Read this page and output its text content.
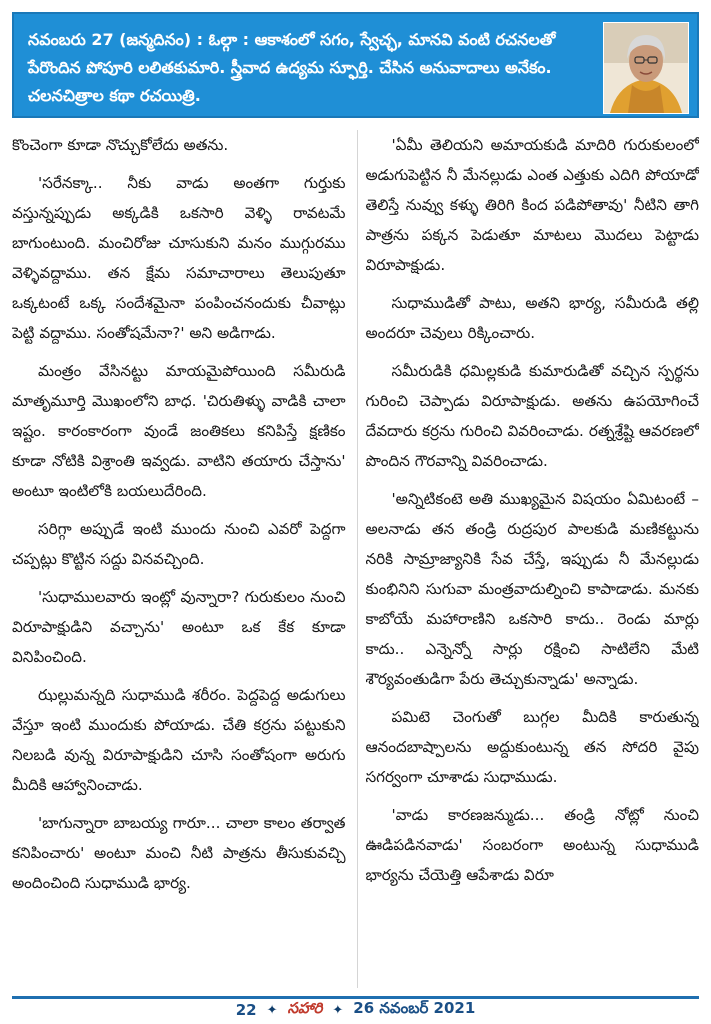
నవంబరు 27 (జన్మదినం) : ఓల్గా : ఆకాశంలో సగం, స్వేచ్ఛ, మానవి వంటి రచనలతో పేరొందిన పోపూరి లలితకుమారి. స్త్రీవాద ఉద్యమ స్ఫూర్తి. చేసిన అనువాదాలు అనేకం. చలనచిత్రాల కథా రచయిత్రి.

కొంచెంగా కూడా నొచ్చుకోలేదు అతను.

'సరేనక్కా.. నీకు వాడు అంతగా గుర్తుకు వస్తున్నప్పుడు అక్కడికి ఒకసారి వెళ్ళి రావటమే బాగుంటుంది. మంచిరోజు చూసుకుని మనం ముగ్గురము వెళ్ళివద్దాము. తన క్షేమ సమాచారాలు తెలుపుతూ ఒక్కటంటే ఒక్క సందేశమైనా పంపించనందుకు చీవాట్లు పెట్టి వద్దాము. సంతోషమేనా?' అని అడిగాడు.

మంత్రం వేసినట్టు మాయమైపోయింది సమీరుడి మాతృమూర్తి మొఖంలోని బాధ. 'చిరుతిళ్ళు వాడికి చాలా ఇష్టం. కారంకారంగా వుండే జంతికలు కనిపిస్తే క్షణికం కూడా నోటికి విశ్రాంతి ఇవ్వడు. వాటిని తయారు చేస్తాను' అంటూ ఇంటిలోకి బయలుదేరింది.

సరిగ్గా అప్పుడే ఇంటి ముందు నుంచి ఎవరో పెద్దగా చప్పట్లు కొట్టిన సద్దు వినవచ్చింది.

'సుధాములవారు ఇంట్లో వున్నారా? గురుకులం నుంచి విరూపాక్షుడిని వచ్చాను' అంటూ ఒక కేక కూడా వినిపించింది.

ఝల్లుమన్నది సుధాముడి శరీరం. పెద్దపెద్ద అడుగులు వేస్తూ ఇంటి ముందుకు పోయాడు. చేతి కర్రను పట్టుకుని నిలబడి వున్న విరూపాక్షుడిని చూసి సంతోషంగా అరుగు మీదికి ఆహ్వానించాడు.

'బాగున్నారా బాబయ్య గారూ... చాలా కాలం తర్వాత కనిపించారు' అంటూ మంచి నీటి పాత్రను తీసుకువచ్చి అందించింది సుధాముడి భార్య.

'ఏమీ తెలియని అమాయకుడి మాదిరి గురుకులంలో అడుగుపెట్టిన నీ మేనల్లుడు ఎంత ఎత్తుకు ఎదిగి పోయాడో తెలిస్తే నువ్వు కళ్ళు తిరిగి కింద పడిపోతావు' నీటిని తాగి పాత్రను పక్కన పెడుతూ మాటలు మొదలు పెట్టాడు విరూపాక్షుడు.

సుధాముడితో పాటు, అతని భార్య, సమీరుడి తల్లి అందరూ చెవులు రిక్కించారు.

సమీరుడికి ధమిల్లకుడి కుమారుడితో వచ్చిన స్పర్థను గురించి చెప్పాడు విరూపాక్షుడు. అతను ఉపయోగించే దేవదారు కర్రను గురించి వివరించాడు. రత్నశ్రేష్టి ఆవరణలో పొందిన గౌరవాన్ని వివరించాడు.

'అన్నిటికంటె అతి ముఖ్యమైన విషయం ఏమిటంటే – అలనాడు తన తండ్రి రుద్రపుర పాలకుడి మణికట్టును నరికి సామ్రాజ్యానికి సేవ చేస్తే, ఇప్పుడు నీ మేనల్లుడు కుంభినిని సుగువా మంత్రవాదుల్నించి కాపాడాడు. మనకు కాబోయే మహారాణిని ఒకసారి కాదు.. రెండు మార్లు కాదు.. ఎన్నెన్నో సార్లు రక్షించి సాటిలేని మేటి శౌర్యవంతుడిగా పేరు తెచ్చుకున్నాడు' అన్నాడు.

పమిటె చెంగుతో బుగ్గల మీదికి కారుతున్న ఆనందబాష్పాలను అద్దుకుంటున్న తన సోదరి వైపు సగర్వంగా చూశాడు సుధాముడు.

'వాడు కారణజన్ముడు... తండ్రి నోట్లో నుంచి ఊడిపడినవాడు' సంబరంగా అంటున్న సుధాముడి భార్యను చేయెత్తి ఆపేశాడు విరూ

22 ✦ సహారి ✦ 26 నవంబర్ 2021
